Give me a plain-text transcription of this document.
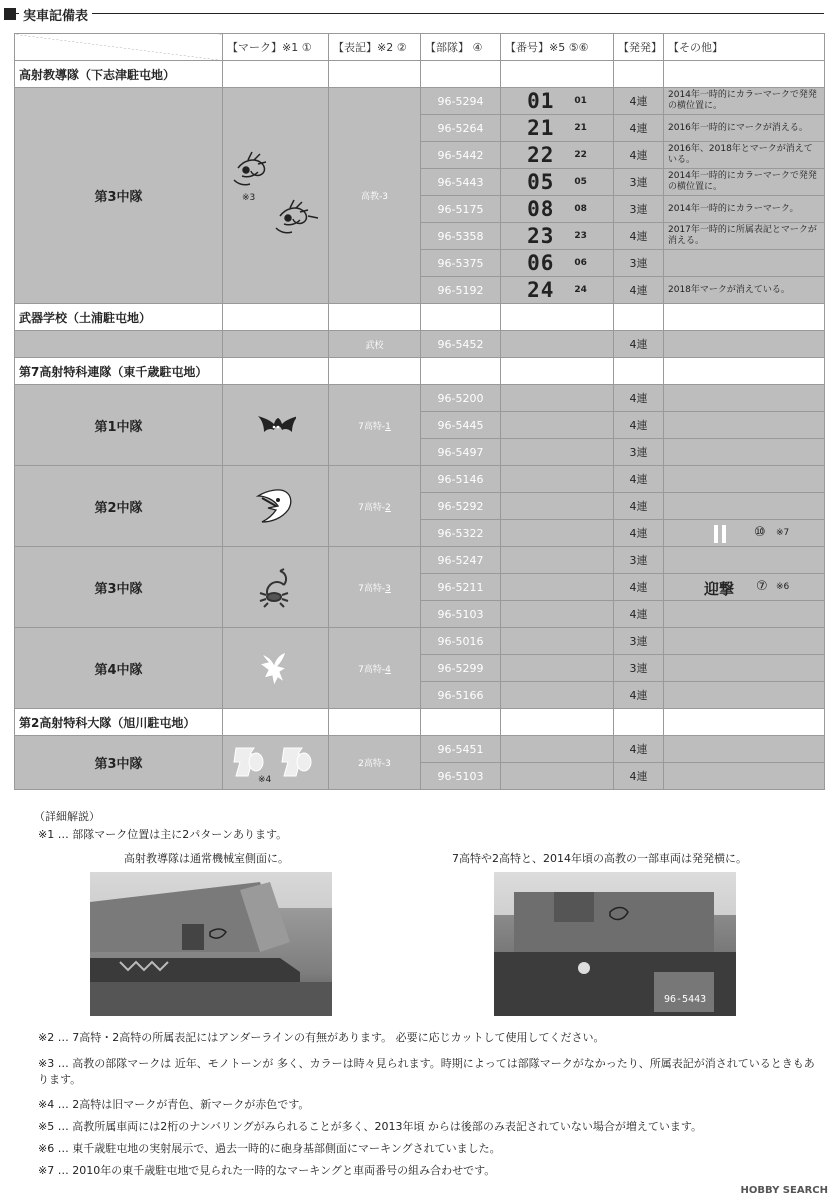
実車記備表
	【マーク】※1 ①	【表記】※2 ②	【部隊】 ④	【番号】※5 ⑤⑥	【発発】	【その他】
高射教導隊（下志津駐屯地）						
第3中隊	※3	高教-3	96-5294	01 01	4連	2014年一時的にカラーマークで発発の横位置に。
			96-5264	21 21	4連	2016年一時的にマークが消える。
			96-5442	22 22	4連	2016年、2018年とマークが消えている。
			96-5443	05 05	3連	2014年一時的にカラーマークで発発の横位置に。
			96-5175	08 08	3連	2014年一時的にカラーマーク。
			96-5358	23 23	4連	2017年一時的に所属表記とマークが消える。
			96-5375	06 06	3連	
			96-5192	24 24	4連	2018年マークが消えている。
武器学校（土浦駐屯地）						
		武校	96-5452		4連	
第7高射特科連隊（東千歳駐屯地）						
第1中隊		7高特-1	96-5200		4連	
			96-5445		4連	
			96-5497		3連	
第2中隊		7高特-2	96-5146		4連	
			96-5292		4連	
			96-5322		4連	⑩ ※7

第3中隊		7高特-3	96-5247		3連	
			96-5211		4連	迎撃 ⑦ ※6

			96-5103		4連	
第4中隊		7高特-4	96-5016		3連	
			96-5299		3連	
			96-5166		4連	
第2高射特科大隊（旭川駐屯地）						
第3中隊	※4	2高特-3	96-5451		4連	
			96-5103		4連	
（詳細解説）
※1 … 部隊マーク位置は主に2パターンあります。
高射教導隊は通常機械室側面に。	7高特や2高特と、2014年頃の高教の一部車両は発発横に。
96-5443
※2 … 7高特・2高特の所属表記にはアンダーラインの有無があります。 必要に応じカットして使用してください。
※3 … 高教の部隊マークは 近年、モノトーンが 多く、カラーは時々見られます。時期によっては部隊マークがなかったり、所属表記が消されているときもあります。
※4 … 2高特は旧マークが青色、新マークが赤色です。
※5 … 高教所属車両には2桁のナンバリングがみられることが多く、2013年頃 からは後部のみ表記されていない場合が増えています。
※6 … 東千歳駐屯地の実射展示で、過去一時的に砲身基部側面にマーキングされていました。
※7 … 2010年の東千歳駐屯地で見られた一時的なマーキングと車両番号の組み合わせです。
HOBBY SEARCH
